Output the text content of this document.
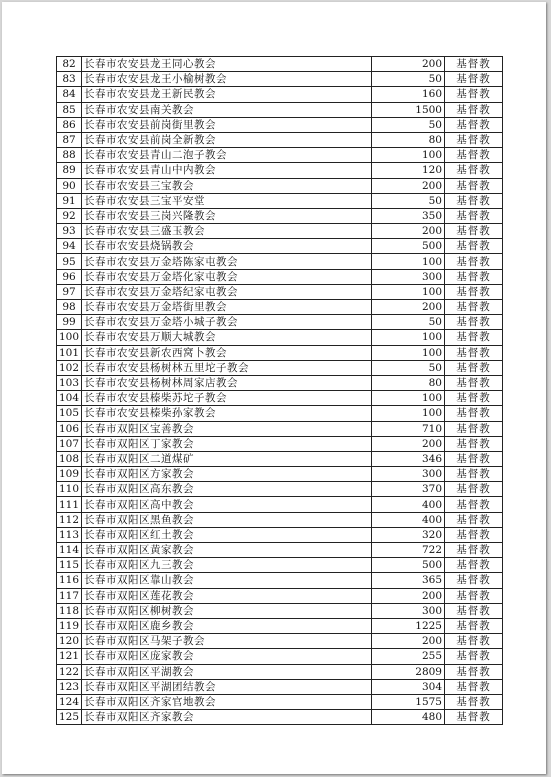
82	长春市农安县龙王同心教会	200	基督教
83	长春市农安县龙王小榆树教会	50	基督教
84	长春市农安县龙王新民教会	160	基督教
85	长春市农安县南关教会	1500	基督教
86	长春市农安县前岗街里教会	50	基督教
87	长春市农安县前岗全新教会	80	基督教
88	长春市农安县青山二泡子教会	100	基督教
89	长春市农安县青山中内教会	120	基督教
90	长春市农安县三宝教会	200	基督教
91	长春市农安县三宝平安堂	50	基督教
92	长春市农安县三岗兴隆教会	350	基督教
93	长春市农安县三盛玉教会	200	基督教
94	长春市农安县烧锅教会	500	基督教
95	长春市农安县万金塔陈家屯教会	100	基督教
96	长春市农安县万金塔化家屯教会	300	基督教
97	长春市农安县万金塔纪家屯教会	100	基督教
98	长春市农安县万金塔街里教会	200	基督教
99	长春市农安县万金塔小城子教会	50	基督教
100	长春市农安县万顺大城教会	100	基督教
101	长春市农安县新农西窝卜教会	100	基督教
102	长春市农安县杨树林五里坨子教会	50	基督教
103	长春市农安县杨树林周家店教会	80	基督教
104	长春市农安县榛柴苏坨子教会	100	基督教
105	长春市农安县榛柴孙家教会	100	基督教
106	长春市双阳区宝善教会	710	基督教
107	长春市双阳区丁家教会	200	基督教
108	长春市双阳区二道煤矿	346	基督教
109	长春市双阳区方家教会	300	基督教
110	长春市双阳区高东教会	370	基督教
111	长春市双阳区高中教会	400	基督教
112	长春市双阳区黑鱼教会	400	基督教
113	长春市双阳区红土教会	320	基督教
114	长春市双阳区黄家教会	722	基督教
115	长春市双阳区九三教会	500	基督教
116	长春市双阳区靠山教会	365	基督教
117	长春市双阳区莲花教会	200	基督教
118	长春市双阳区柳树教会	300	基督教
119	长春市双阳区鹿乡教会	1225	基督教
120	长春市双阳区马架子教会	200	基督教
121	长春市双阳区庞家教会	255	基督教
122	长春市双阳区平湖教会	2809	基督教
123	长春市双阳区平湖团结教会	304	基督教
124	长春市双阳区齐家官地教会	1575	基督教
125	长春市双阳区齐家教会	480	基督教
